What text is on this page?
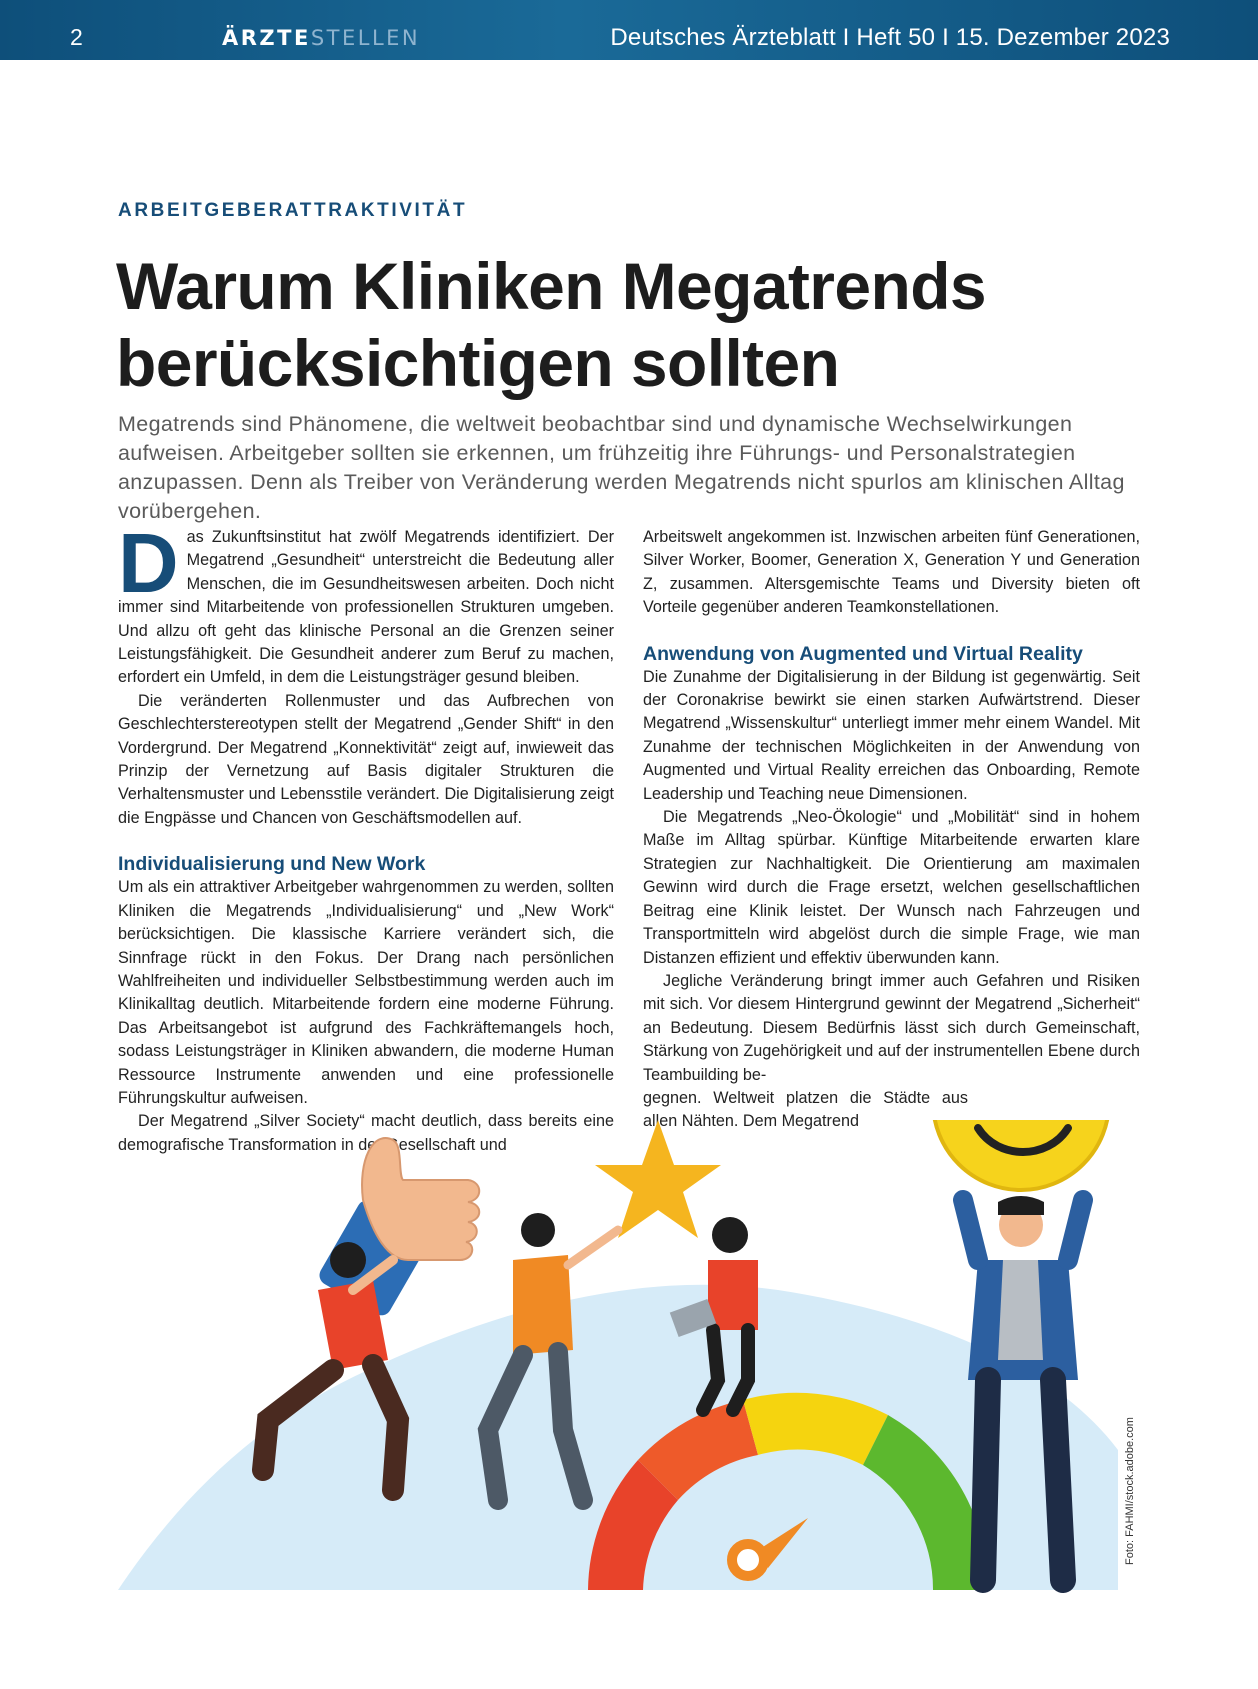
2	ÄRZTESTELLEN	Deutsches Ärzteblatt I Heft 50 I 15. Dezember 2023
ARBEITGEBERATTRAKTIVITÄT
Warum Kliniken Megatrends
berücksichtigen sollten
Megatrends sind Phänomene, die weltweit beobachtbar sind und dynamische Wechselwirkungen aufweisen. Arbeitgeber sollten sie erkennen, um frühzeitig ihre Führungs- und Personalstrategien anzupassen. Denn als Treiber von Veränderung werden Megatrends nicht spurlos am klinischen Alltag vorübergehen.

Das Zukunftsinstitut hat zwölf Megatrends identifiziert. Der Megatrend „Gesundheit“ unterstreicht die Bedeutung aller Menschen, die im Gesundheitswesen arbeiten. Doch nicht immer sind Mitarbeitende von professionellen Strukturen umgeben. Und allzu oft geht das klinische Personal an die Grenzen seiner Leistungsfähigkeit. Die Gesundheit anderer zum Beruf zu machen, erfordert ein Umfeld, in dem die Leistungsträger gesund bleiben.

Die veränderten Rollenmuster und das Aufbrechen von Geschlechterstereotypen stellt der Megatrend „Gender Shift“ in den Vordergrund. Der Megatrend „Konnektivität“ zeigt auf, inwieweit das Prinzip der Vernetzung auf Basis digitaler Strukturen die Verhaltensmuster und Lebensstile verändert. Die Digitalisierung zeigt die Engpässe und Chancen von Geschäftsmodellen auf.

Individualisierung und New Work

Um als ein attraktiver Arbeitgeber wahrgenommen zu werden, sollten Kliniken die Megatrends „Individualisierung“ und „New Work“ berücksichtigen. Die klassische Karriere verändert sich, die Sinnfrage rückt in den Fokus. Der Drang nach persönlichen Wahlfreiheiten und individueller Selbstbestimmung werden auch im Klinikalltag deutlich. Mitarbeitende fordern eine moderne Führung. Das Arbeitsangebot ist aufgrund des Fachkräftemangels hoch, sodass Leistungsträger in Kliniken abwandern, die moderne Human Ressource Instrumente anwenden und eine professionelle Führungskultur aufweisen.

Der Megatrend „Silver Society“ macht deutlich, dass bereits eine demografische Transformation in der Gesellschaft und

Arbeitswelt angekommen ist. Inzwischen arbeiten fünf Generationen, Silver Worker, Boomer, Generation X, Generation Y und Generation Z, zusammen. Altersgemischte Teams und Diversity bieten oft Vorteile gegenüber anderen Teamkonstellationen.

Anwendung von Augmented und Virtual Reality

Die Zunahme der Digitalisierung in der Bildung ist gegenwärtig. Seit der Coronakrise bewirkt sie einen starken Aufwärtstrend. Dieser Megatrend „Wissenskultur“ unterliegt immer mehr einem Wandel. Mit Zunahme der technischen Möglichkeiten in der Anwendung von Augmented und Virtual Reality erreichen das Onboarding, Remote Leadership und Teaching neue Dimensionen.

Die Megatrends „Neo-Ökologie“ und „Mobilität“ sind in hohem Maße im Alltag spürbar. Künftige Mitarbeitende erwarten klare Strategien zur Nachhaltigkeit. Die Orientierung am maximalen Gewinn wird durch die Frage ersetzt, welchen gesellschaftlichen Beitrag eine Klinik leistet. Der Wunsch nach Fahrzeugen und Transportmitteln wird abgelöst durch die simple Frage, wie man Distanzen effizient und effektiv überwunden kann.

Jegliche Veränderung bringt immer auch Gefahren und Risiken mit sich. Vor diesem Hintergrund gewinnt der Megatrend „Sicherheit“ an Bedeutung. Diesem Bedürfnis lässt sich durch Gemeinschaft, Stärkung von Zugehörigkeit und auf der instrumentellen Ebene durch Teambuilding be-

gegnen. Weltweit platzen die Städte aus allen Nähten. Dem Megatrend

Foto: FAHMI/stock.adobe.com
